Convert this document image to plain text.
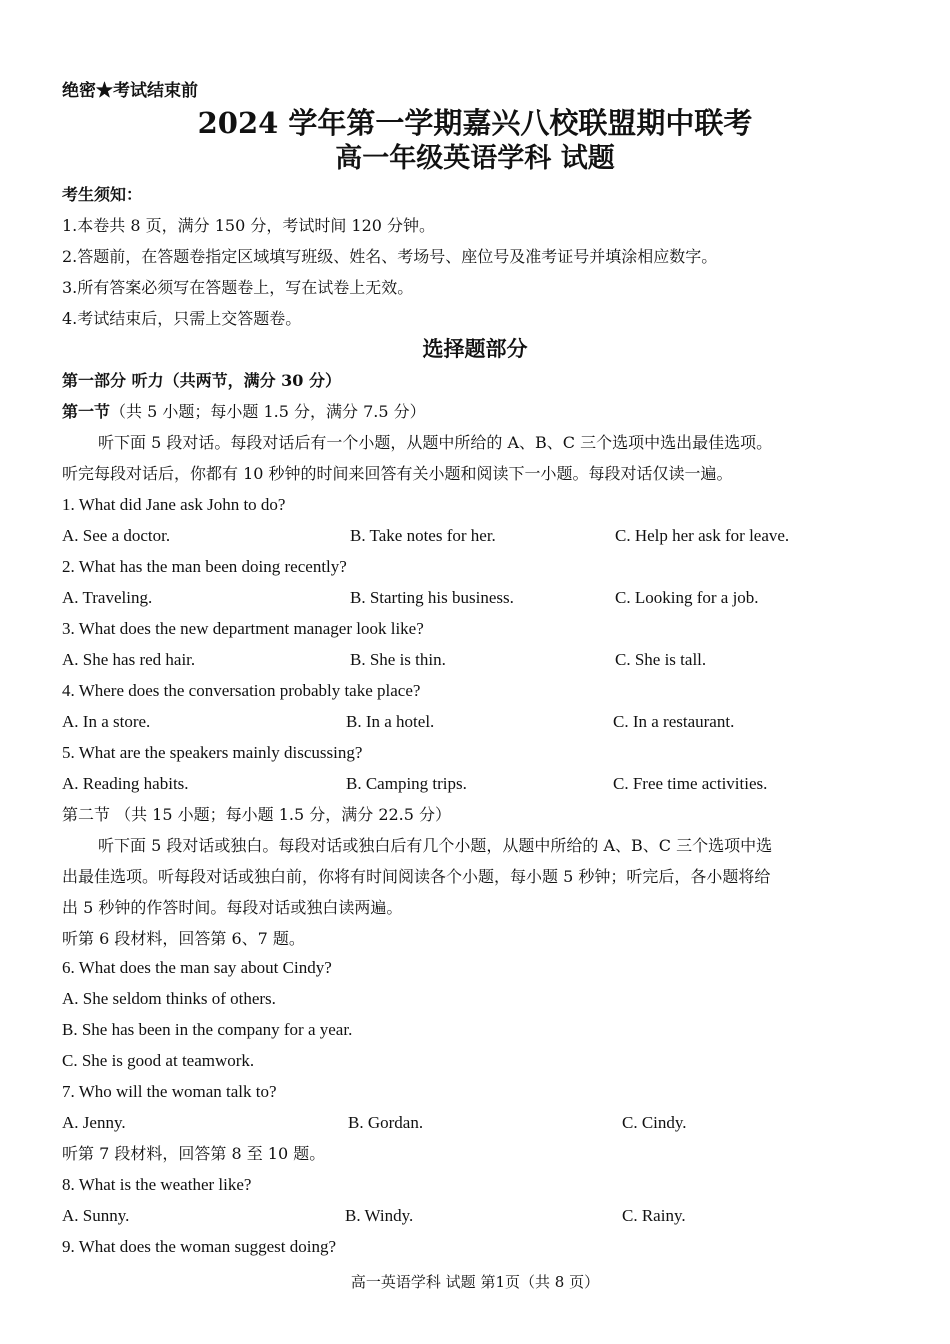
绝密★考试结束前
2024 学年第一学期嘉兴八校联盟期中联考
高一年级英语学科 试题
考生须知：
1.本卷共 8 页，满分 150 分，考试时间 120 分钟。
2.答题前，在答题卷指定区域填写班级、姓名、考场号、座位号及准考证号并填涂相应数字。
3.所有答案必须写在答题卷上，写在试卷上无效。
4.考试结束后，只需上交答题卷。
选择题部分
第一部分 听力（共两节，满分 30 分）
第一节（共 5 小题；每小题 1.5 分，满分 7.5 分）
听下面 5 段对话。每段对话后有一个小题，从题中所给的 A、B、C 三个选项中选出最佳选项。
听完每段对话后，你都有 10 秒钟的时间来回答有关小题和阅读下一小题。每段对话仅读一遍。
1. What did Jane ask John to do?
A. See a doctor.	B. Take notes for her.	C. Help her ask for leave.
2. What has the man been doing recently?
A. Traveling.	B. Starting his business.	C. Looking for a job.
3. What does the new department manager look like?
A. She has red hair.	B. She is thin.	C. She is tall.
4. Where does the conversation probably take place?
A. In a store.	B. In a hotel.	C. In a restaurant.
5. What are the speakers mainly discussing?
A. Reading habits.	B. Camping trips.	C. Free time activities.
第二节 （共 15 小题；每小题 1.5 分，满分 22.5 分）
听下面 5 段对话或独白。每段对话或独白后有几个小题，从题中所给的 A、B、C 三个选项中选
出最佳选项。听每段对话或独白前，你将有时间阅读各个小题，每小题 5 秒钟；听完后，各小题将给
出 5 秒钟的作答时间。每段对话或独白读两遍。
听第 6 段材料，回答第 6、7 题。
6. What does the man say about Cindy?
A. She seldom thinks of others.
B. She has been in the company for a year.
C. She is good at teamwork.
7. Who will the woman talk to?
A. Jenny.	B. Gordan.	C. Cindy.
听第 7 段材料，回答第 8 至 10 题。
8. What is the weather like?
A. Sunny.	B. Windy.	C. Rainy.
9. What does the woman suggest doing?
高一英语学科 试题 第1页（共 8 页）
